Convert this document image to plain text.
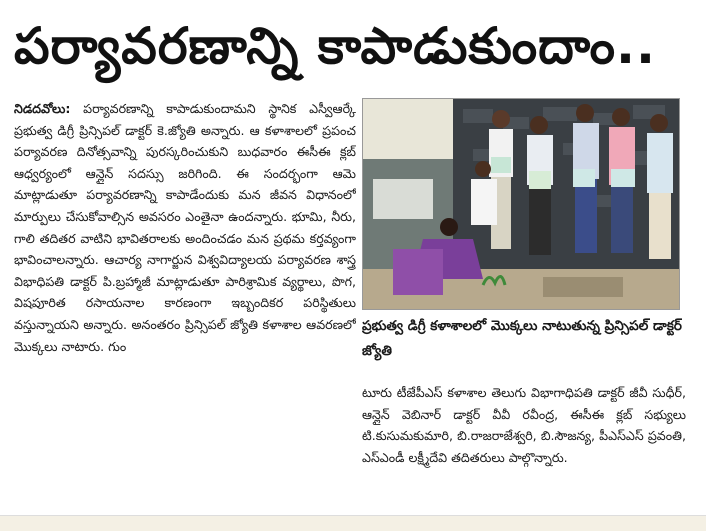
పర్యావరణాన్ని కాపాడుకుందాం..
నిడదవోలు: పర్యావరణాన్ని కాపాడుకుందామని స్థానిక ఎస్వీఆర్కే ప్రభుత్వ డిగ్రీ ప్రిన్సిపల్ డాక్టర్ కె.జ్యోతి అన్నారు. ఆ కళాశాలలో ప్రపంచ పర్యావరణ దినోత్సవాన్ని పురస్కరించుకుని బుధవారం ఈసీఈ క్లబ్ ఆధ్వర్యంలో ఆన్లైన్ సదస్సు జరిగింది. ఈ సందర్భంగా ఆమె మాట్లాడుతూ పర్యావరణాన్ని కాపాడేందుకు మన జీవన విధానంలో మార్పులు చేసుకోవాల్సిన అవసరం ఎంతైనా ఉందన్నారు. భూమి, నీరు, గాలి తదితర వాటిని భావితరాలకు అందించడం మన ప్రథమ కర్తవ్యంగా భావించాలన్నారు. ఆచార్య నాగార్జున విశ్వవిద్యాలయ పర్యావరణ శాస్త్ర విభాధిపతి డాక్టర్ పి.బ్రహ్మాజీ మాట్లాడుతూ పారిశ్రామిక వ్యర్థాలు, పొగ, విషపూరిత రసాయనాల కారణంగా ఇబ్బందికర పరిస్థితులు వస్తున్నాయని అన్నారు. అనంతరం ప్రిన్సిపల్ జ్యోతి కళాశాల ఆవరణలో మొక్కలు నాటారు. గుం
ప్రభుత్వ డిగ్రీ కళాశాలలో మొక్కలు నాటుతున్న ప్రిన్సిపల్ డాక్టర్ జ్యోతి
టూరు టీజేపీఎస్ కళాశాల తెలుగు విభాగాధిపతి డాక్టర్ జీవీ సుధీర్, ఆన్లైన్ వెబినార్ డాక్టర్ వీవీ రవీంద్ర, ఈసీఈ క్లబ్ సభ్యులు టి.కుసుమకుమారి, బి.రాజరాజేశ్వరి, బి.సౌజన్య, పీఎస్ఎస్ ప్రవంతి, ఎస్ఎండీ లక్ష్మీదేవి తదితరులు పాల్గొన్నారు.
